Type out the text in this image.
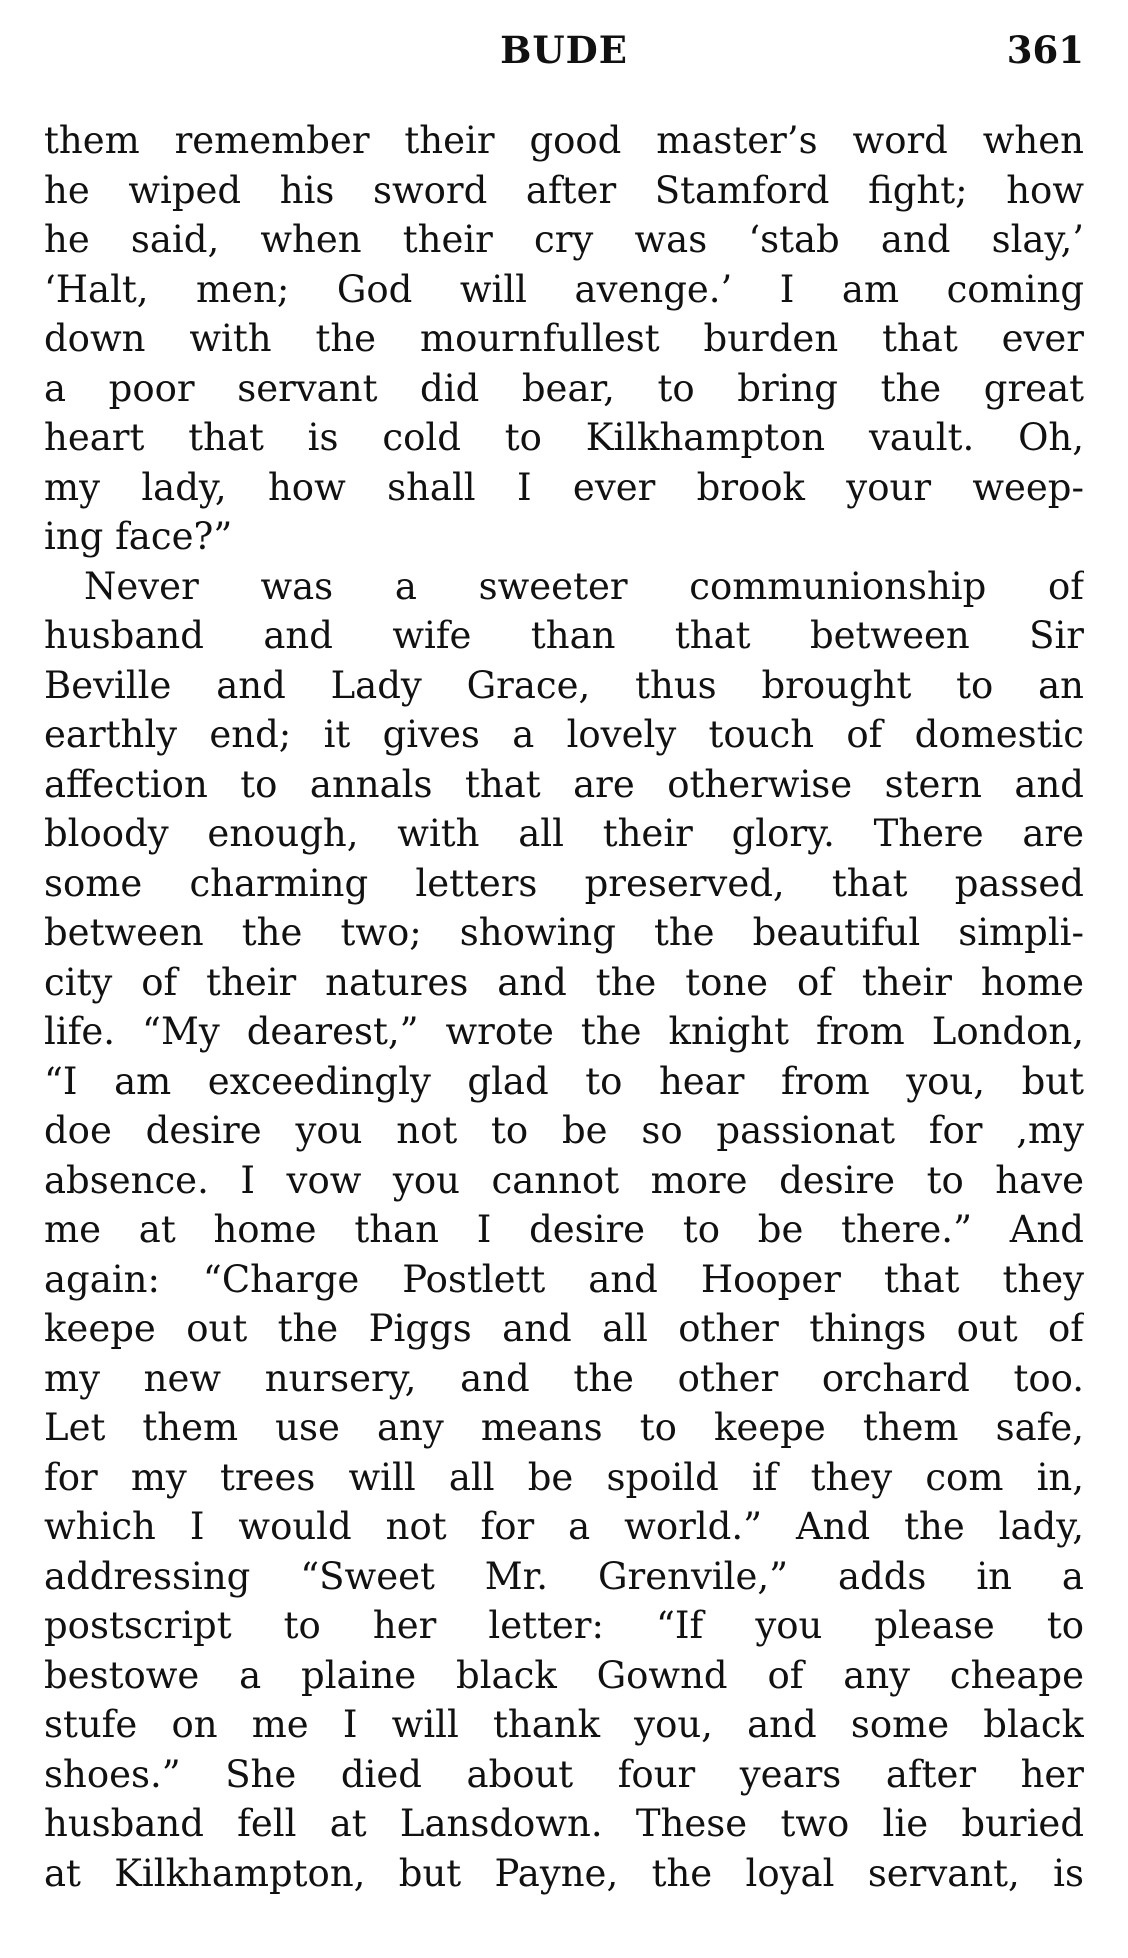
BUDE	361
them remember their good master’s word when
he wiped his sword after Stamford fight; how
he said, when their cry was ‘stab and slay,’
‘Halt, men; God will avenge.’ I am coming
down with the mournfullest burden that ever
a poor servant did bear, to bring the great
heart that is cold to Kilkhampton vault. Oh,
my lady, how shall I ever brook your weep-
ing face?”
Never was a sweeter communionship of
husband and wife than that between Sir
Beville and Lady Grace, thus brought to an
earthly end; it gives a lovely touch of domestic
affection to annals that are otherwise stern and
bloody enough, with all their glory. There are
some charming letters preserved, that passed
between the two; showing the beautiful simpli-
city of their natures and the tone of their home
life. “My dearest,” wrote the knight from London,
“I am exceedingly glad to hear from you, but
doe desire you not to be so passionat for ,my
absence. I vow you cannot more desire to have
me at home than I desire to be there.” And
again: “Charge Postlett and Hooper that they
keepe out the Piggs and all other things out of
my new nursery, and the other orchard too.
Let them use any means to keepe them safe,
for my trees will all be spoild if they com in,
which I would not for a world.” And the lady,
addressing “Sweet Mr. Grenvile,” adds in a
postscript to her letter: “If you please to
bestowe a plaine black Gownd of any cheape
stufe on me I will thank you, and some black
shoes.” She died about four years after her
husband fell at Lansdown. These two lie buried
at Kilkhampton, but Payne, the loyal servant, is
